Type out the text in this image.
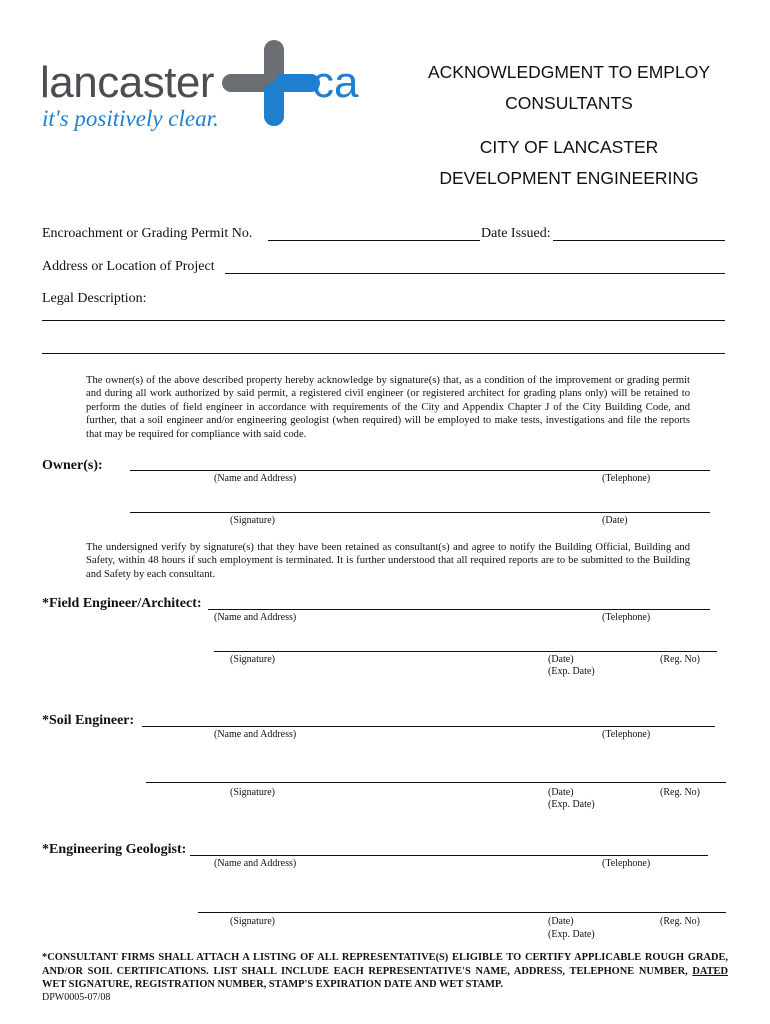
lancaster ca
it's positively clear.
ACKNOWLEDGMENT TO EMPLOY
CONSULTANTS
CITY OF LANCASTER
DEVELOPMENT ENGINEERING
Encroachment or Grading Permit No.	Date Issued:
Address or Location of Project
Legal Description:
The owner(s) of the above described property hereby acknowledge by signature(s) that, as a condition of the improvement or grading permit and during all work authorized by said permit, a registered civil engineer (or registered architect for grading plans only) will be retained to perform the duties of field engineer in accordance with requirements of the City and Appendix Chapter J of the City Building Code, and further, that a soil engineer and/or engineering geologist (when required) will be employed to make tests, investigations and file the reports that may be required for compliance with said code.
Owner(s):
(Name and Address)	(Telephone)
(Signature)	(Date)
The undersigned verify by signature(s) that they have been retained as consultant(s) and agree to notify the Building Official, Building and Safety, within 48 hours if such employment is terminated. It is further understood that all required reports are to be submitted to the Building and Safety by each consultant.
*Field Engineer/Architect:
(Name and Address)	(Telephone)
(Signature)	(Date)	(Reg. No)
(Exp. Date)
*Soil Engineer:
(Name and Address)	(Telephone)
(Signature)	(Date)	(Reg. No)
(Exp. Date)
*Engineering Geologist:
(Name and Address)	(Telephone)
(Signature)	(Date)	(Reg. No)
(Exp. Date)
*CONSULTANT FIRMS SHALL ATTACH A LISTING OF ALL REPRESENTATIVE(S) ELIGIBLE TO CERTIFY APPLICABLE ROUGH GRADE, AND/OR SOIL CERTIFICATIONS. LIST SHALL INCLUDE EACH REPRESENTATIVE'S NAME, ADDRESS, TELEPHONE NUMBER, DATED WET SIGNATURE, REGISTRATION NUMBER, STAMP'S EXPIRATION DATE AND WET STAMP.
DPW0005-07/08
